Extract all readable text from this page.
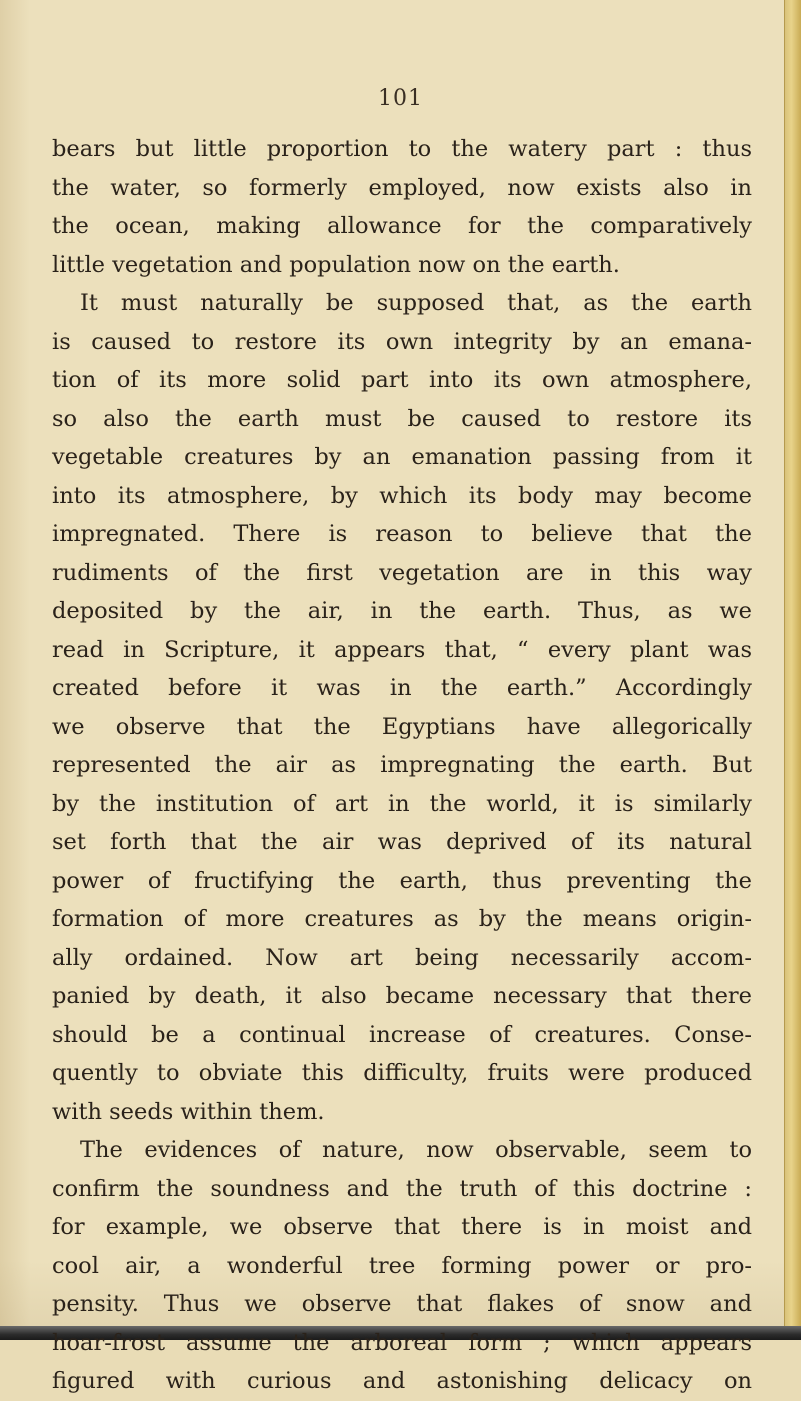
101
bears but little proportion to the watery part : thus
the water, so formerly employed, now exists also in
the ocean, making allowance for the comparatively
little vegetation and population now on the earth.
It must naturally be supposed that, as the earth
is caused to restore its own integrity by an emana-
tion of its more solid part into its own atmosphere,
so also the earth must be caused to restore its
vegetable creatures by an emanation passing from it
into its atmosphere, by which its body may become
impregnated. There is reason to believe that the
rudiments of the first vegetation are in this way
deposited by the air, in the earth. Thus, as we
read in Scripture, it appears that, “ every plant was
created before it was in the earth.” Accordingly
we observe that the Egyptians have allegorically
represented the air as impregnating the earth. But
by the institution of art in the world, it is similarly
set forth that the air was deprived of its natural
power of fructifying the earth, thus preventing the
formation of more creatures as by the means origin-
ally ordained. Now art being necessarily accom-
panied by death, it also became necessary that there
should be a continual increase of creatures. Conse-
quently to obviate this difficulty, fruits were produced
with seeds within them.
The evidences of nature, now observable, seem to
confirm the soundness and the truth of this doctrine :
for example, we observe that there is in moist and
cool air, a wonderful tree forming power or pro-
pensity. Thus we observe that flakes of snow and
hoar-frost assume the arboreal form ; which appears
figured with curious and astonishing delicacy on
